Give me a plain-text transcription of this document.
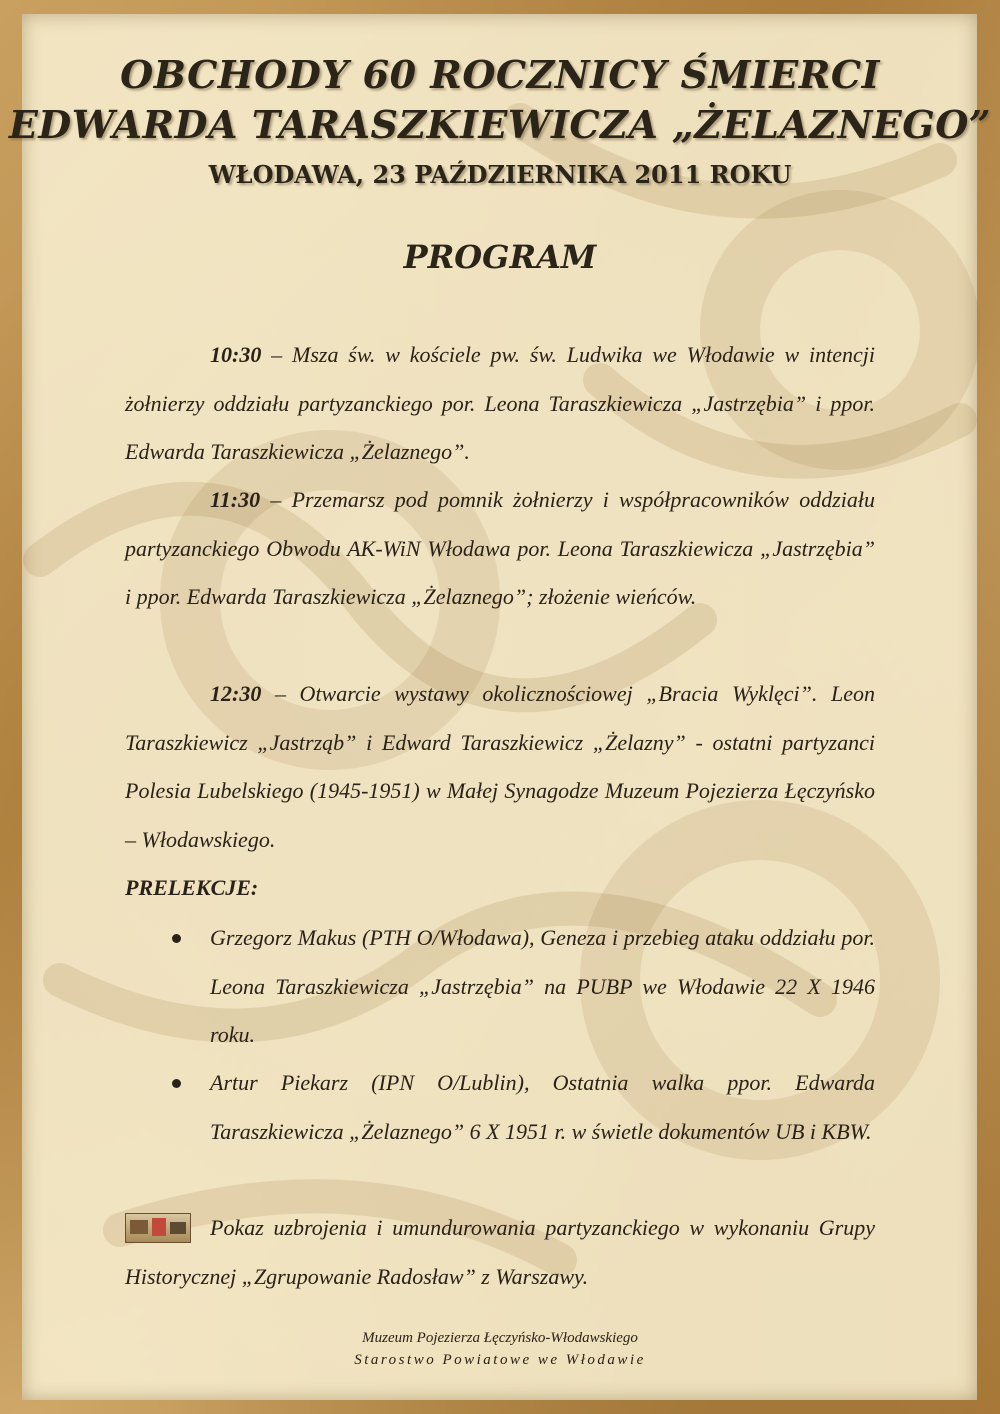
OBCHODY 60 ROCZNICY ŚMIERCI
EDWARDA TARASZKIEWICZA „ŻELAZNEGO”
WŁODAWA, 23 PAŹDZIERNIKA 2011 ROKU
PROGRAM

10:30 – Msza św. w kościele pw. św. Ludwika we Włodawie w intencji żołnierzy oddziału partyzanckiego por. Leona Taraszkiewicza „Jastrzębia” i ppor. Edwarda Taraszkiewicza „Żelaznego”.

11:30 – Przemarsz pod pomnik żołnierzy i współpracowników oddziału partyzanckiego Obwodu AK-WiN Włodawa por. Leona Taraszkiewicza „Jastrzębia” i ppor. Edwarda Taraszkiewicza „Żelaznego”; złożenie wieńców.

12:30 – Otwarcie wystawy okolicznościowej „Bracia Wyklęci”. Leon Taraszkiewicz „Jastrząb” i Edward Taraszkiewicz „Żelazny” - ostatni partyzanci Polesia Lubelskiego (1945-1951) w Małej Synagodze Muzeum Pojezierza Łęczyńsko – Włodawskiego.

PRELEKCJE:

Grzegorz Makus (PTH O/Włodawa), Geneza i przebieg ataku oddziału por. Leona Taraszkiewicza „Jastrzębia” na PUBP we Włodawie 22 X 1946 roku.

Artur Piekarz (IPN O/Lublin), Ostatnia walka ppor. Edwarda Taraszkiewicza „Żelaznego” 6 X 1951 r. w świetle dokumentów UB i KBW.

Pokaz uzbrojenia i umundurowania partyzanckiego w wykonaniu Grupy Historycznej „Zgrupowanie Radosław” z Warszawy.

Muzeum Pojezierza Łęczyńsko-Włodawskiego
Starostwo Powiatowe we Włodawie
